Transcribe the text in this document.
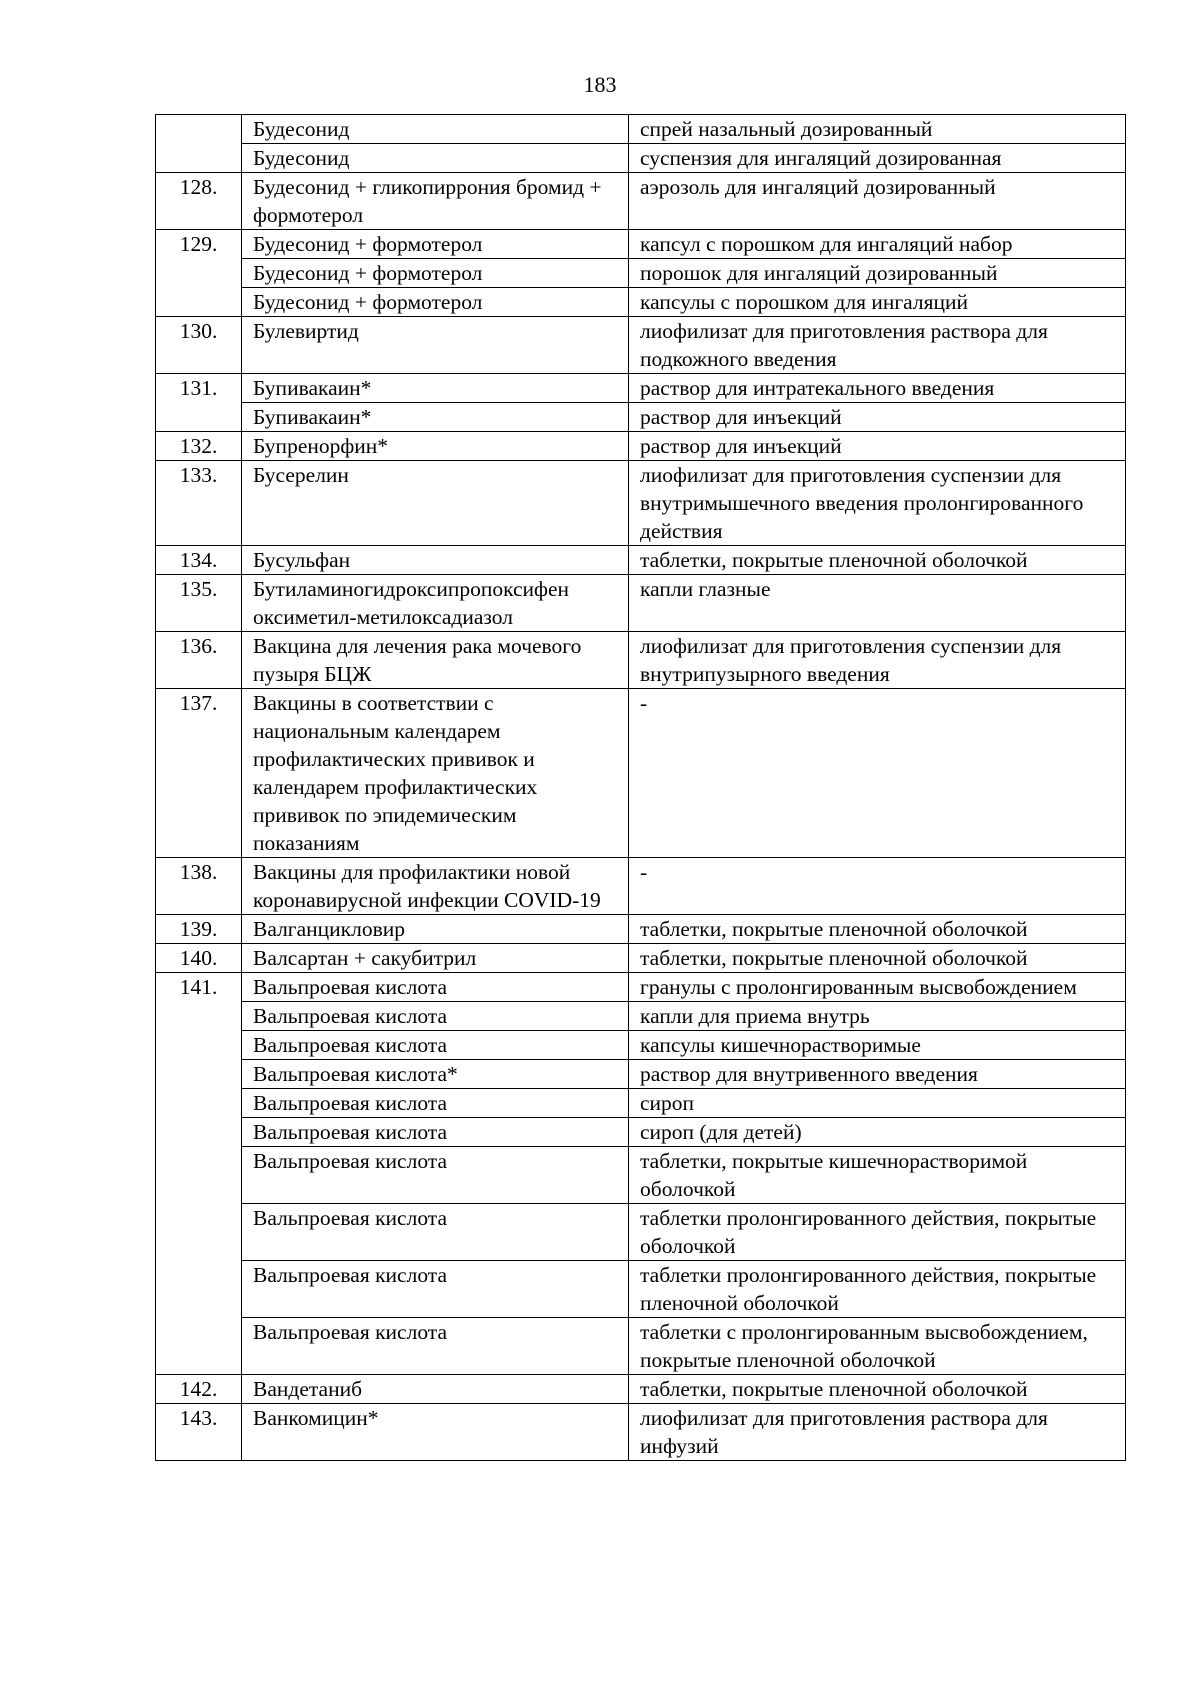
183
	Будесонид	спрей назальный дозированный
	Будесонид	суспензия для ингаляций дозированная
128.	Будесонид + гликопиррония бромид + формотерол	аэрозоль для ингаляций дозированный
129.	Будесонид + формотерол	капсул с порошком для ингаляций набор
	Будесонид + формотерол	порошок для ингаляций дозированный
	Будесонид + формотерол	капсулы с порошком для ингаляций
130.	Булевиртид	лиофилизат для приготовления раствора для подкожного введения
131.	Бупивакаин*	раствор для интратекального введения
	Бупивакаин*	раствор для инъекций
132.	Бупренорфин*	раствор для инъекций
133.	Бусерелин	лиофилизат для приготовления суспензии для внутримышечного введения пролонгированного действия
134.	Бусульфан	таблетки, покрытые пленочной оболочкой
135.	Бутиламиногидроксипропоксифен оксиметил-метилоксадиазол	капли глазные
136.	Вакцина для лечения рака мочевого пузыря БЦЖ	лиофилизат для приготовления суспензии для внутрипузырного введения
137.	Вакцины в соответствии с национальным календарем профилактических прививок и календарем профилактических прививок по эпидемическим показаниям	-
138.	Вакцины для профилактики новой коронавирусной инфекции COVID-19	-
139.	Валганцикловир	таблетки, покрытые пленочной оболочкой
140.	Валсартан + сакубитрил	таблетки, покрытые пленочной оболочкой
141.	Вальпроевая кислота	гранулы с пролонгированным высвобождением
	Вальпроевая кислота	капли для приема внутрь
	Вальпроевая кислота	капсулы кишечнорастворимые
	Вальпроевая кислота*	раствор для внутривенного введения
	Вальпроевая кислота	сироп
	Вальпроевая кислота	сироп (для детей)
	Вальпроевая кислота	таблетки, покрытые кишечнорастворимой оболочкой
	Вальпроевая кислота	таблетки пролонгированного действия, покрытые оболочкой
	Вальпроевая кислота	таблетки пролонгированного действия, покрытые пленочной оболочкой
	Вальпроевая кислота	таблетки с пролонгированным высвобождением, покрытые пленочной оболочкой
142.	Вандетаниб	таблетки, покрытые пленочной оболочкой
143.	Ванкомицин*	лиофилизат для приготовления раствора для инфузий
